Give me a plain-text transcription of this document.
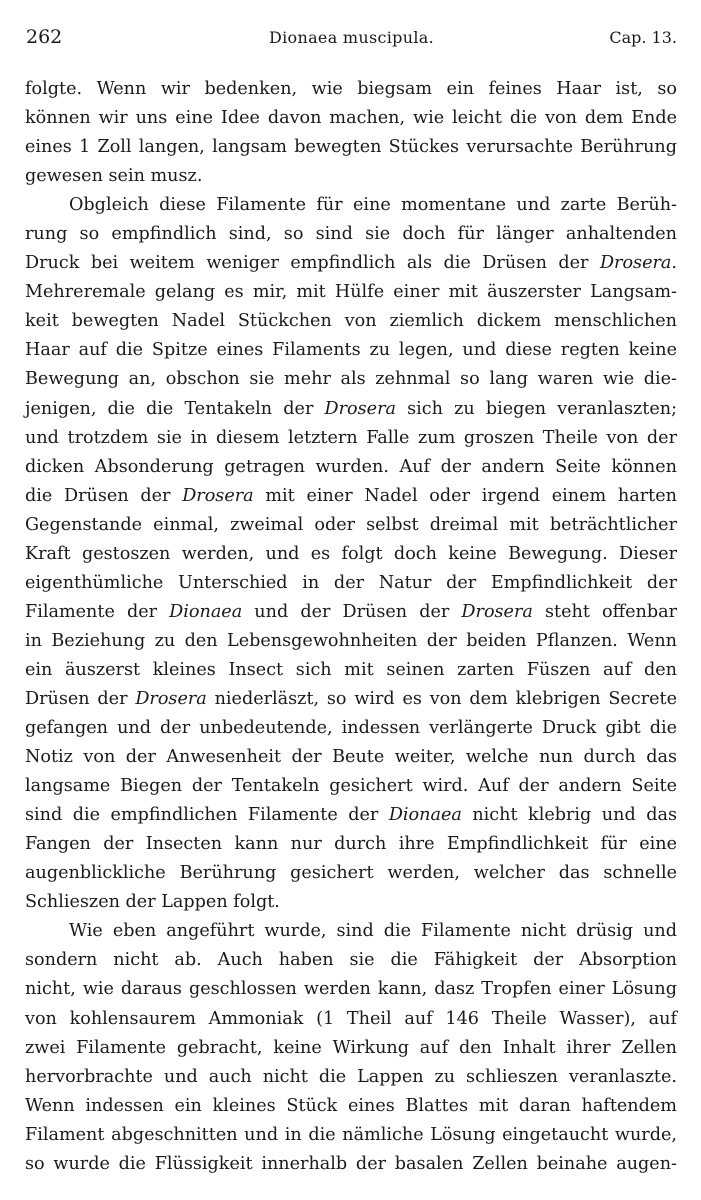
262	Dionaea muscipula.	Cap. 13.
folgte. Wenn wir bedenken, wie biegsam ein feines Haar ist, so
können wir uns eine Idee davon machen, wie leicht die von dem Ende
eines 1 Zoll langen, langsam bewegten Stückes verursachte Berührung
gewesen sein musz.
Obgleich diese Filamente für eine momentane und zarte Berüh-
rung so empfindlich sind, so sind sie doch für länger anhaltenden
Druck bei weitem weniger empfindlich als die Drüsen der Drosera.
Mehreremale gelang es mir, mit Hülfe einer mit äuszerster Langsam-
keit bewegten Nadel Stückchen von ziemlich dickem menschlichen
Haar auf die Spitze eines Filaments zu legen, und diese regten keine
Bewegung an, obschon sie mehr als zehnmal so lang waren wie die-
jenigen, die die Tentakeln der Drosera sich zu biegen veranlaszten;
und trotzdem sie in diesem letztern Falle zum groszen Theile von der
dicken Absonderung getragen wurden. Auf der andern Seite können
die Drüsen der Drosera mit einer Nadel oder irgend einem harten
Gegenstande einmal, zweimal oder selbst dreimal mit beträchtlicher
Kraft gestoszen werden, und es folgt doch keine Bewegung. Dieser
eigenthümliche Unterschied in der Natur der Empfindlichkeit der
Filamente der Dionaea und der Drüsen der Drosera steht offenbar
in Beziehung zu den Lebensgewohnheiten der beiden Pflanzen. Wenn
ein äuszerst kleines Insect sich mit seinen zarten Füszen auf den
Drüsen der Drosera niederläszt, so wird es von dem klebrigen Secrete
gefangen und der unbedeutende, indessen verlängerte Druck gibt die
Notiz von der Anwesenheit der Beute weiter, welche nun durch das
langsame Biegen der Tentakeln gesichert wird. Auf der andern Seite
sind die empfindlichen Filamente der Dionaea nicht klebrig und das
Fangen der Insecten kann nur durch ihre Empfindlichkeit für eine
augenblickliche Berührung gesichert werden, welcher das schnelle
Schlieszen der Lappen folgt.
Wie eben angeführt wurde, sind die Filamente nicht drüsig und
sondern nicht ab. Auch haben sie die Fähigkeit der Absorption
nicht, wie daraus geschlossen werden kann, dasz Tropfen einer Lösung
von kohlensaurem Ammoniak (1 Theil auf 146 Theile Wasser), auf
zwei Filamente gebracht, keine Wirkung auf den Inhalt ihrer Zellen
hervorbrachte und auch nicht die Lappen zu schlieszen veranlaszte.
Wenn indessen ein kleines Stück eines Blattes mit daran haftendem
Filament abgeschnitten und in die nämliche Lösung eingetaucht wurde,
so wurde die Flüssigkeit innerhalb der basalen Zellen beinahe augen-
